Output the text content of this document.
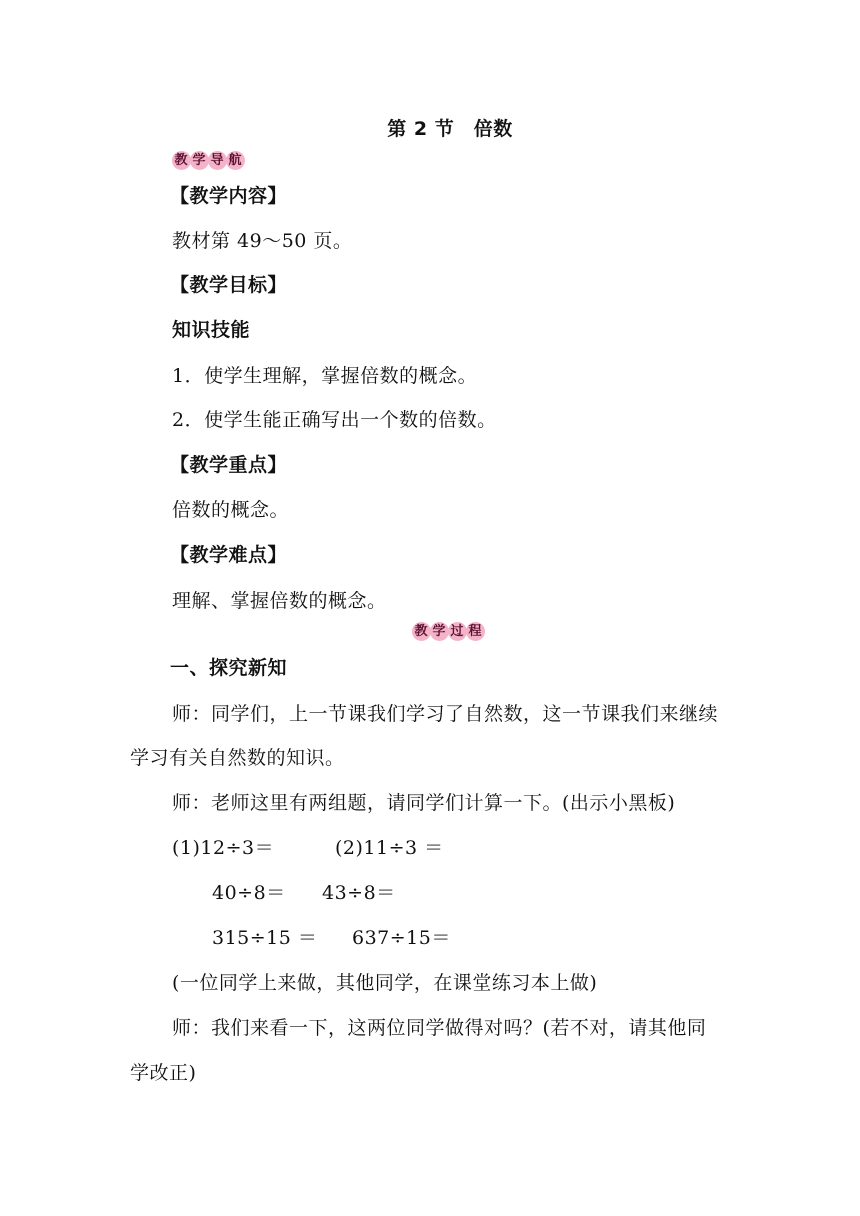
第 2 节　倍数
教 学 导 航
【教学内容】
教材第 49～50 页。
【教学目标】
知识技能
1．使学生理解，掌握倍数的概念。
2．使学生能正确写出一个数的倍数。
【教学重点】
倍数的概念。
【教学难点】
理解、掌握倍数的概念。
教 学 过 程
一、探究新知
师：同学们，上一节课我们学习了自然数，这一节课我们来继续
学习有关自然数的知识。
师：老师这里有两组题，请同学们计算一下。(出示小黑板)
(1)12÷3＝	(2)11÷3 ＝
40÷8＝ 43÷8＝
315÷15 ＝ 637÷15＝
(一位同学上来做，其他同学，在课堂练习本上做)
师：我们来看一下，这两位同学做得对吗？(若不对，请其他同
学改正)
